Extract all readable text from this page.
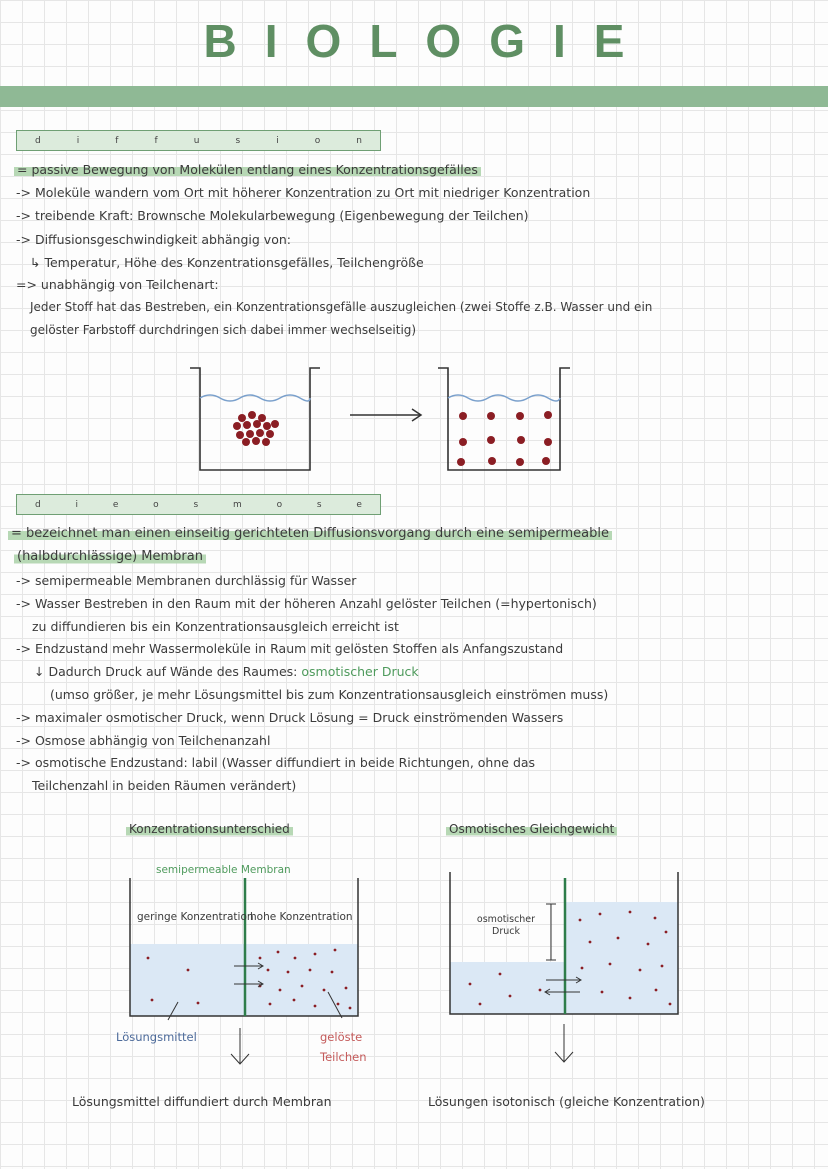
BIOLOGIE
d	i	f	f	u	s	i	o	n
= passive Bewegung von Molekülen entlang eines Konzentrationsgefälles
-> Moleküle wandern vom Ort mit höherer Konzentration zu Ort mit niedriger Konzentration
-> treibende Kraft: Brownsche Molekularbewegung (Eigenbewegung der Teilchen)
-> Diffusionsgeschwindigkeit abhängig von:
↳ Temperatur, Höhe des Konzentrationsgefälles, Teilchengröße
=> unabhängig von Teilchenart:
Jeder Stoff hat das Bestreben, ein Konzentrationsgefälle auszugleichen (zwei Stoffe z.B. Wasser und ein
gelöster Farbstoff durchdringen sich dabei immer wechselseitig)
d	i	e	o	s	m	o	s	e
= bezeichnet man einen einseitig gerichteten Diffusionsvorgang durch eine semipermeable
(halbdurchlässige) Membran
-> semipermeable Membranen durchlässig für Wasser
-> Wasser Bestreben in den Raum mit der höheren Anzahl gelöster Teilchen (=hypertonisch)
zu diffundieren bis ein Konzentrationsausgleich erreicht ist
-> Endzustand mehr Wassermoleküle in Raum mit gelösten Stoffen als Anfangszustand
↓ Dadurch Druck auf Wände des Raumes: osmotischer Druck
(umso größer, je mehr Lösungsmittel bis zum Konzentrationsausgleich einströmen muss)
-> maximaler osmotischer Druck, wenn Druck Lösung = Druck einströmenden Wassers
-> Osmose abhängig von Teilchenanzahl
-> osmotische Endzustand: labil (Wasser diffundiert in beide Richtungen, ohne das
Teilchenzahl in beiden Räumen verändert)
Konzentrationsunterschied
semipermeable Membran
geringe Konzentration
hohe Konzentration
Lösungsmittel	gelöste Teilchen
Lösungsmittel diffundiert durch Membran
Osmotisches Gleichgewicht
osmotischer Druck
Lösungen isotonisch (gleiche Konzentration)
